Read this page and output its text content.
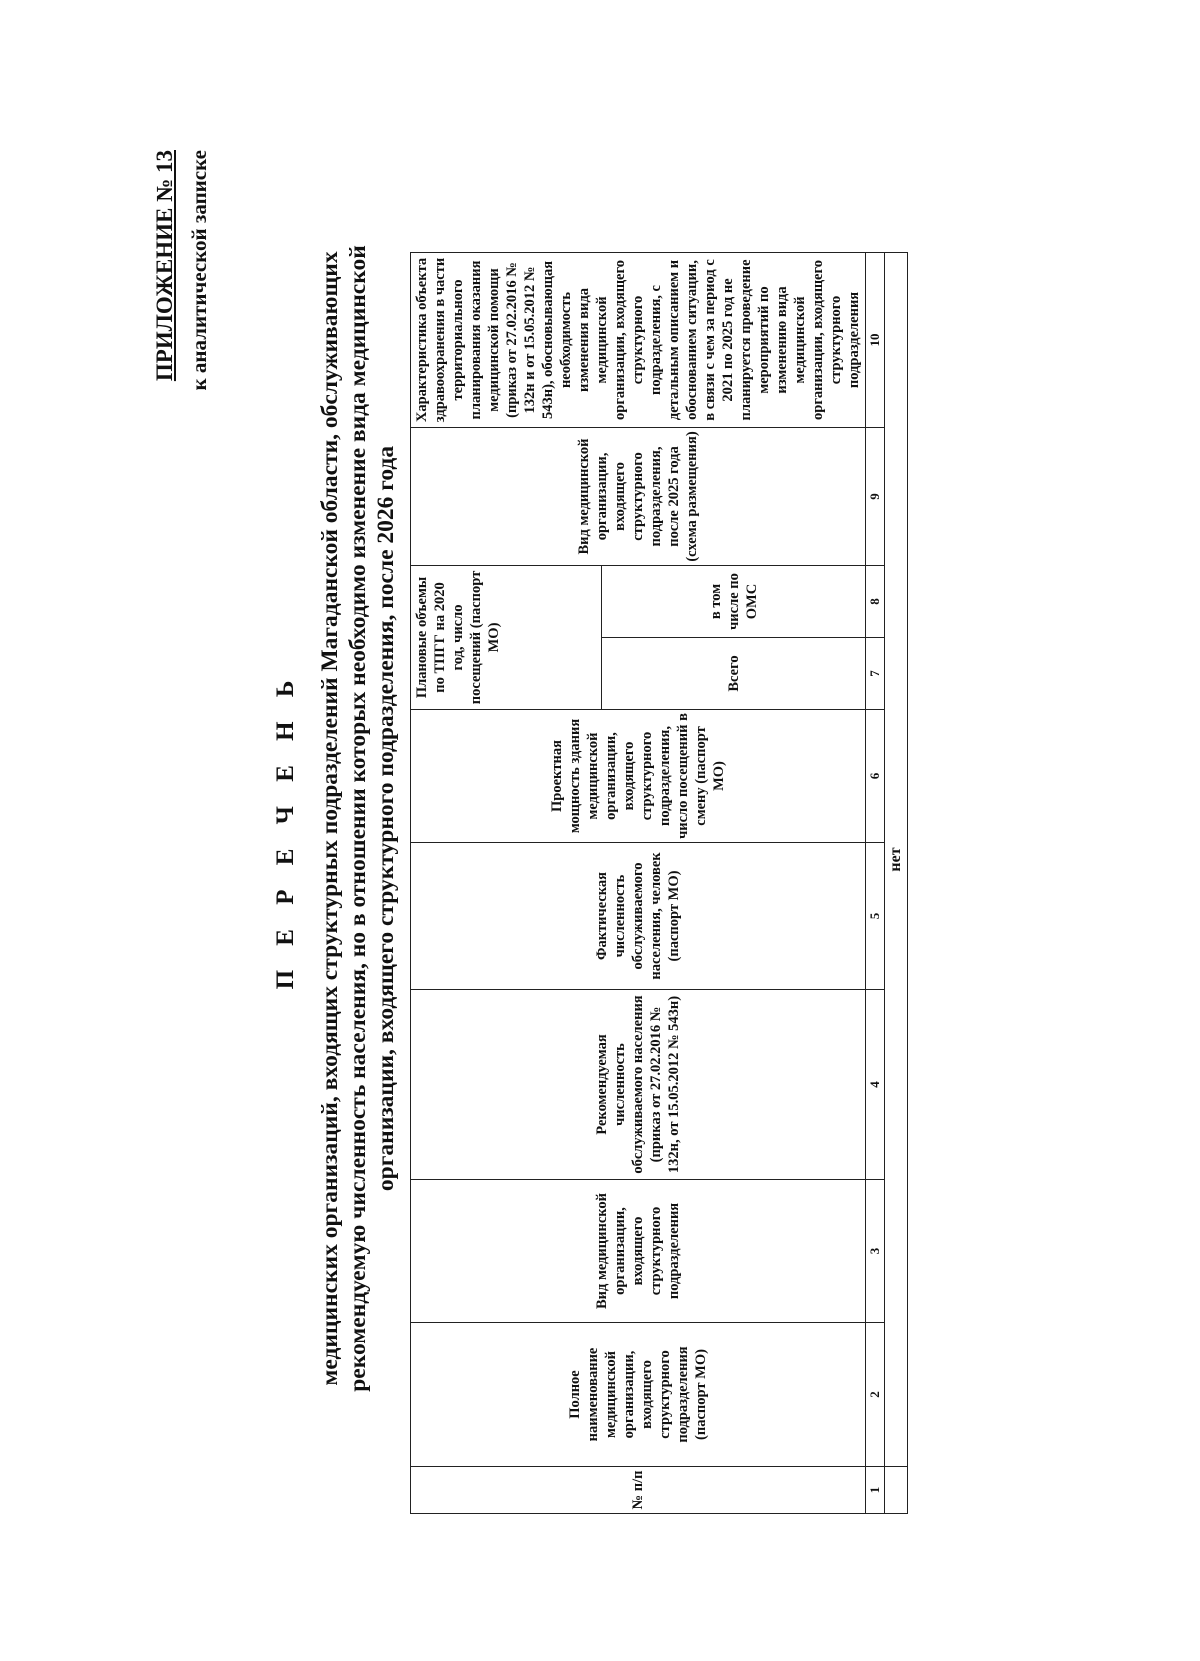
ПРИЛОЖЕНИЕ № 13 к аналитической записке
П Е Р Е Ч Е Н Ь медицинских организаций, входящих структурных подразделений Магаданской области, обслуживающих рекомендуемую численность населения, но в отношении которых необходимо изменение вида медицинской организации, входящего структурного подразделения, после 2026 года
№ п/п	Полное наименование медицинской организации, входящего структурного подразделения (паспорт МО)	Вид медицинской организации, входящего структурного подразделения	Рекомендуемая численность обслуживаемого населения (приказ от 27.02.2016 № 132н, от 15.05.2012 № 543н)	Фактическая численность обслуживаемого населения, человек (паспорт МО)	Проектная мощность здания медицинской организации, входящего структурного подразделения, число посещений в смену (паспорт МО)	Плановые объемы по ТПГГ на 2020 год, число посещений (паспорт МО)		Вид медицинской организации, входящего структурного подразделения, после 2025 года (схема размещения)	Характеристика объекта здравоохранения в части территориального планирования оказания медицинской помощи (приказ от 27.02.2016 № 132н и от 15.05.2012 № 543н), обосновывающая необходимость изменения вида медицинской организации, входящего структурного подразделения, с детальным описанием и обоснованием ситуации, в связи с чем за период с 2021 по 2025 год не планируется проведение мероприятий по изменению вида медицинской организации, входящего структурного подразделения
						Всего	в том числе по ОМС		
1	2	3	4	5	6	7	8	9	10
	нет								
